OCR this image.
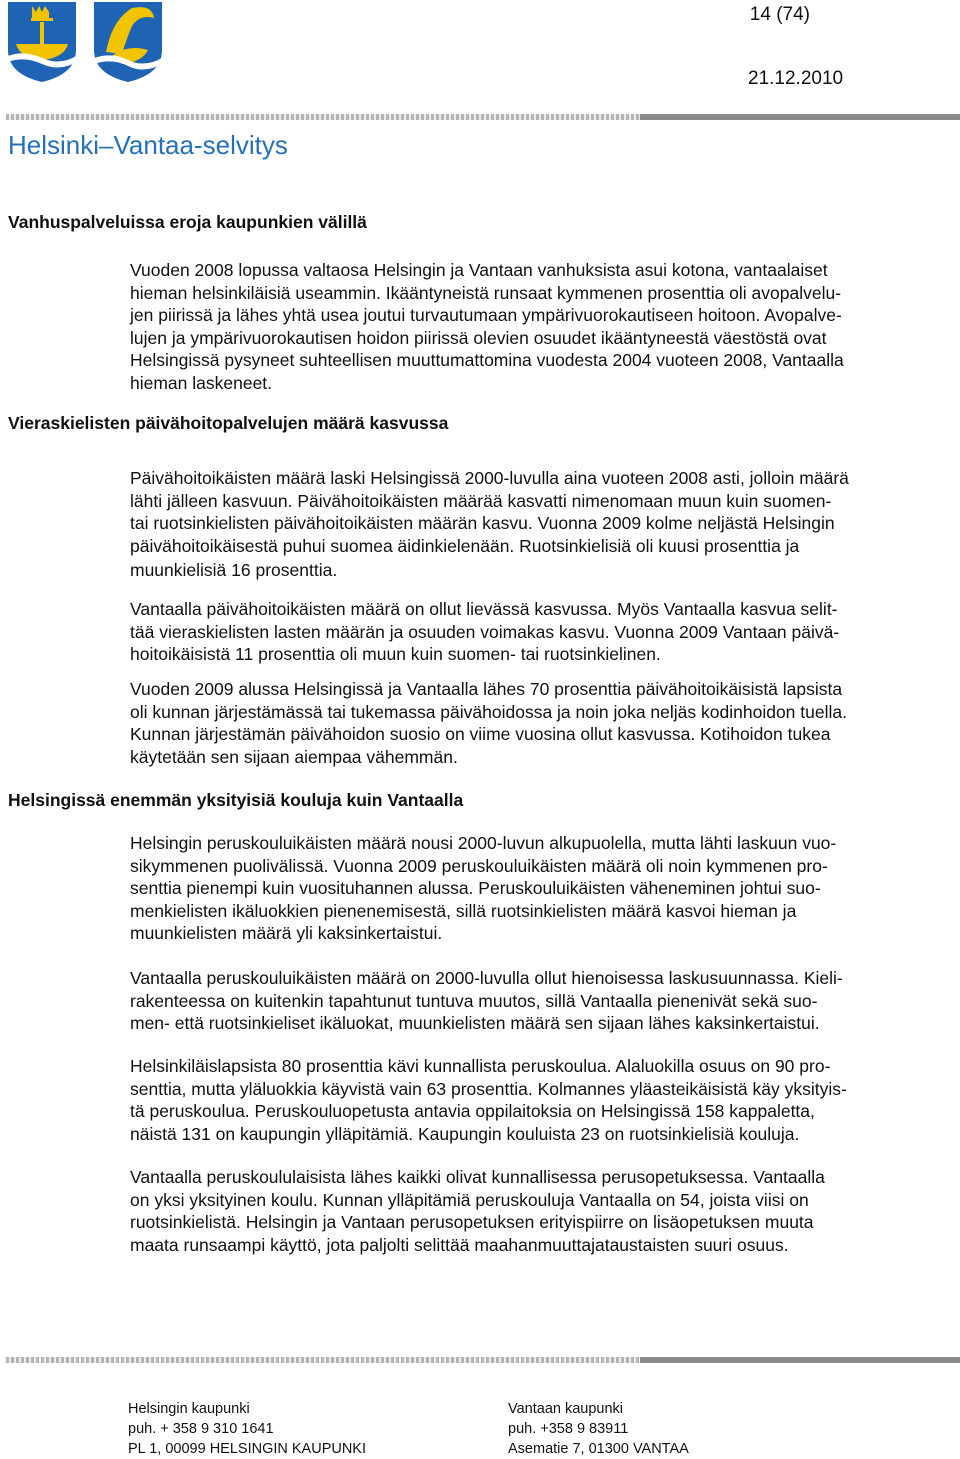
14 (74)
21.12.2010
Helsinki–Vantaa-selvitys
Vanhuspalveluissa eroja kaupunkien välillä
Vuoden 2008 lopussa valtaosa Helsingin ja Vantaan vanhuksista asui kotona, vantaalaiset
hieman helsinkiläisiä useammin. Ikääntyneistä runsaat kymmenen prosenttia oli avopalvelu-
jen piirissä ja lähes yhtä usea joutui turvautumaan ympärivuorokautiseen hoitoon. Avopalve-
lujen ja ympärivuorokautisen hoidon piirissä olevien osuudet ikääntyneestä väestöstä ovat
Helsingissä pysyneet suhteellisen muuttumattomina vuodesta 2004 vuoteen 2008, Vantaalla
hieman laskeneet.
Vieraskielisten päivähoitopalvelujen määrä kasvussa
Päivähoitoikäisten määrä laski Helsingissä 2000-luvulla aina vuoteen 2008 asti, jolloin määrä
lähti jälleen kasvuun. Päivähoitoikäisten määrää kasvatti nimenomaan muun kuin suomen-
tai ruotsinkielisten päivähoitoikäisten määrän kasvu. Vuonna 2009 kolme neljästä Helsingin
päivähoitoikäisestä puhui suomea äidinkielenään. Ruotsinkielisiä oli kuusi prosenttia ja
muunkielisiä 16 prosenttia.
Vantaalla päivähoitoikäisten määrä on ollut lievässä kasvussa. Myös Vantaalla kasvua selit-
tää vieraskielisten lasten määrän ja osuuden voimakas kasvu. Vuonna 2009 Vantaan päivä-
hoitoikäisistä 11 prosenttia oli muun kuin suomen- tai ruotsinkielinen.
Vuoden 2009 alussa Helsingissä ja Vantaalla lähes 70 prosenttia päivähoitoikäisistä lapsista
oli kunnan järjestämässä tai tukemassa päivähoidossa ja noin joka neljäs kodinhoidon tuella.
Kunnan järjestämän päivähoidon suosio on viime vuosina ollut kasvussa. Kotihoidon tukea
käytetään sen sijaan aiempaa vähemmän.
Helsingissä enemmän yksityisiä kouluja kuin Vantaalla
Helsingin peruskouluikäisten määrä nousi 2000-luvun alkupuolella, mutta lähti laskuun vuo-
sikymmenen puolivälissä. Vuonna 2009 peruskouluikäisten määrä oli noin kymmenen pro-
senttia pienempi kuin vuosituhannen alussa. Peruskouluikäisten väheneminen johtui suo-
menkielisten ikäluokkien pienenemisestä, sillä ruotsinkielisten määrä kasvoi hieman ja
muunkielisten määrä yli kaksinkertaistui.
Vantaalla peruskouluikäisten määrä on 2000-luvulla ollut hienoisessa laskusuunnassa. Kieli-
rakenteessa on kuitenkin tapahtunut tuntuva muutos, sillä Vantaalla pienenivät sekä suo-
men- että ruotsinkieliset ikäluokat, muunkielisten määrä sen sijaan lähes kaksinkertaistui.
Helsinkiläislapsista 80 prosenttia kävi kunnallista peruskoulua. Alaluokilla osuus on 90 pro-
senttia, mutta yläluokkia käyvistä vain 63 prosenttia. Kolmannes yläasteikäisistä käy yksityis-
tä peruskoulua. Peruskouluopetusta antavia oppilaitoksia on Helsingissä 158 kappaletta,
näistä 131 on kaupungin ylläpitämiä. Kaupungin kouluista 23 on ruotsinkielisiä kouluja.
Vantaalla peruskoululaisista lähes kaikki olivat kunnallisessa perusopetuksessa. Vantaalla
on yksi yksityinen koulu. Kunnan ylläpitämiä peruskouluja Vantaalla on 54, joista viisi on
ruotsinkielistä. Helsingin ja Vantaan perusopetuksen erityispiirre on lisäopetuksen muuta
maata runsaampi käyttö, jota paljolti selittää maahanmuuttajataustaisten suuri osuus.
Helsingin kaupunki
puh. + 358 9 310 1641
PL 1, 00099 HELSINGIN KAUPUNKI
Vantaan kaupunki
puh. +358 9 83911
Asematie 7, 01300 VANTAA
